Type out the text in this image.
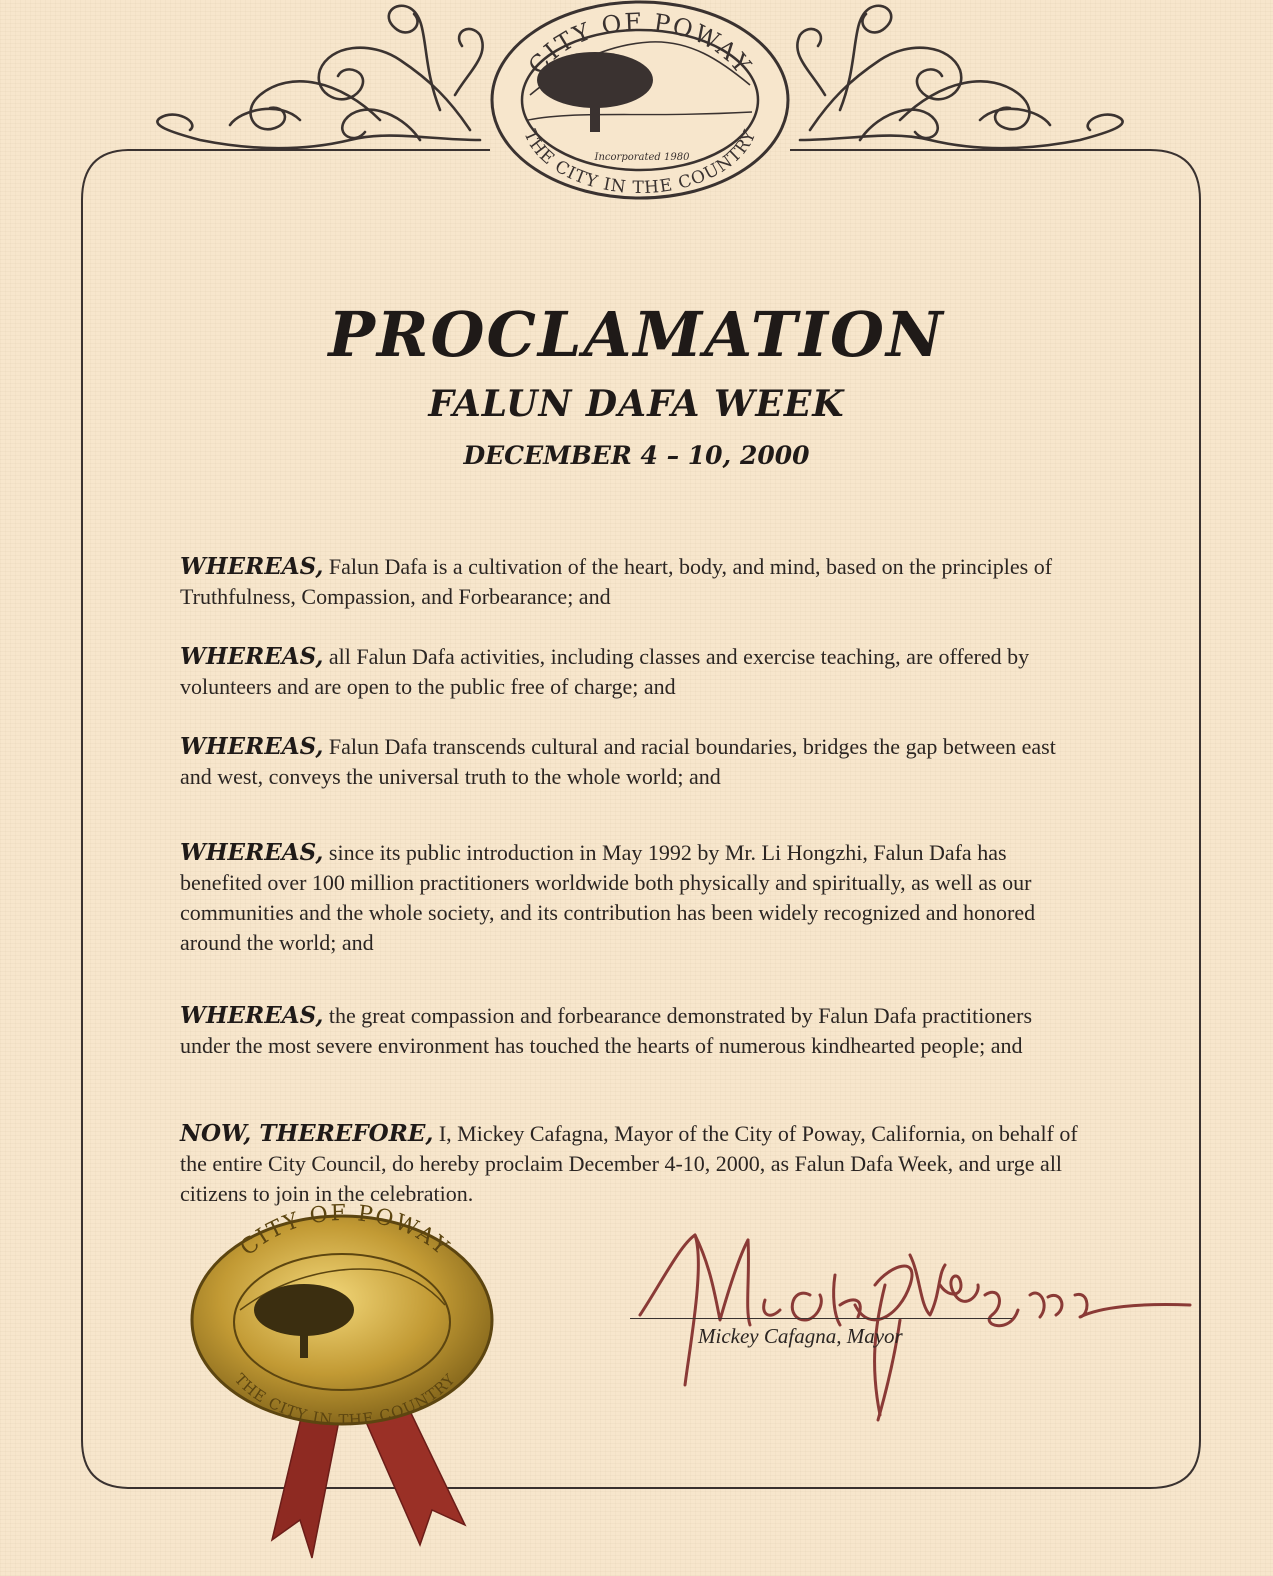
CITY OF POWAY
THE CITY IN THE COUNTRY
Incorporated 1980
CITY OF POWAY
THE CITY IN THE COUNTRY
PROCLAMATION
FALUN DAFA WEEK
DECEMBER 4 – 10, 2000
WHEREAS, Falun Dafa is a cultivation of the heart, body, and mind, based on the principles of Truthfulness, Compassion, and Forbearance; and
WHEREAS, all Falun Dafa activities, including classes and exercise teaching, are offered by volunteers and are open to the public free of charge; and
WHEREAS, Falun Dafa transcends cultural and racial boundaries, bridges the gap between east and west, conveys the universal truth to the whole world; and
WHEREAS, since its public introduction in May 1992 by Mr. Li Hongzhi, Falun Dafa has benefited over 100 million practitioners worldwide both physically and spiritually, as well as our communities and the whole society, and its contribution has been widely recognized and honored around the world; and
WHEREAS, the great compassion and forbearance demonstrated by Falun Dafa practitioners under the most severe environment has touched the hearts of numerous kindhearted people; and
NOW, THEREFORE, I, Mickey Cafagna, Mayor of the City of Poway, California, on behalf of the entire City Council, do hereby proclaim December 4-10, 2000, as Falun Dafa Week, and urge all citizens to join in the celebration.
Mickey Cafagna, Mayor
